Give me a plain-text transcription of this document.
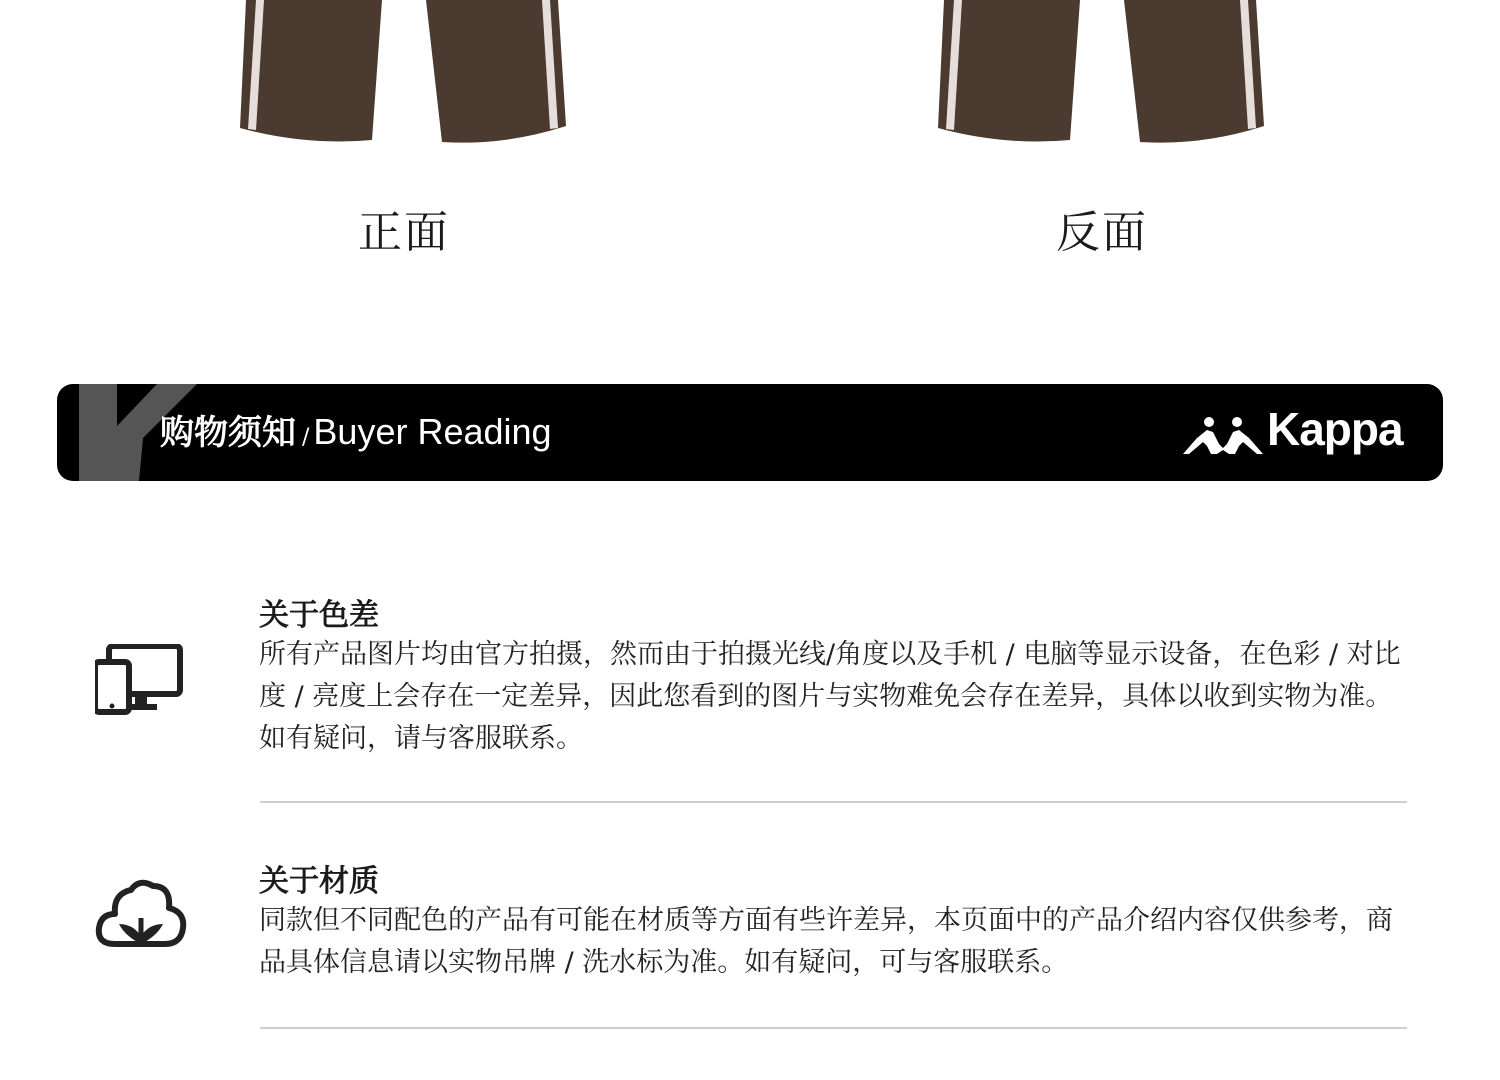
正面	反面
购物须知 / Buyer Reading	Kappa
关于色差
所有产品图片均由官方拍摄，然而由于拍摄光线/角度以及手机 / 电脑等显示设备，在色彩 / 对比度 / 亮度上会存在一定差异，因此您看到的图片与实物难免会存在差异，具体以收到实物为准。如有疑问，请与客服联系。
关于材质
同款但不同配色的产品有可能在材质等方面有些许差异，本页面中的产品介绍内容仅供参考，商品具体信息请以实物吊牌 / 洗水标为准。如有疑问，可与客服联系。
